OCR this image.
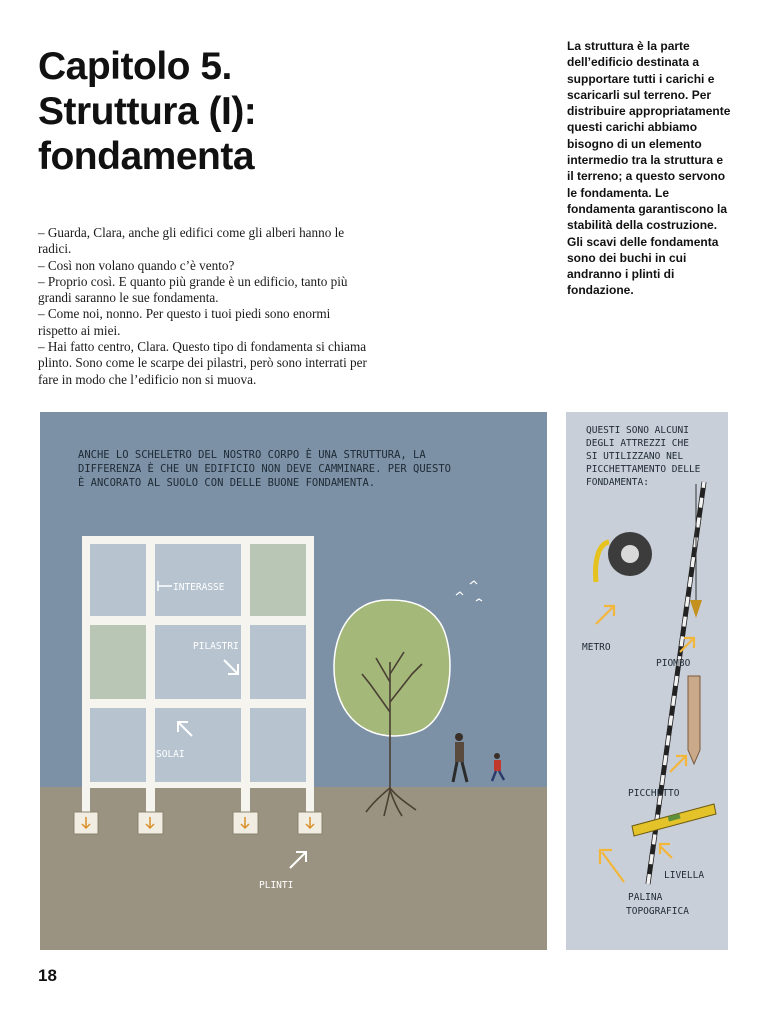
Capitolo 5.
Struttura (I):
fondamenta

– Guarda, Clara, anche gli edifici come gli alberi hanno le radici.

– Così non volano quando c’è vento?

– Proprio così. E quanto più grande è un edificio, tanto più grandi saranno le sue fondamenta.

– Come noi, nonno. Per questo i tuoi piedi sono enormi rispetto ai miei.

– Hai fatto centro, Clara. Questo tipo di fondamenta si chiama plinto. Sono come le scarpe dei pilastri, però sono interrati per fare in modo che l’edificio non si muova.

La struttura è la parte dell’edificio destinata a supportare tutti i carichi e scaricarli sul terreno. Per distribuire appropriatamente questi carichi abbiamo bisogno di un elemento intermedio tra la struttura e il terreno; a questo servono le fondamenta. Le fondamenta garantiscono la stabilità della costruzione. Gli scavi delle fondamenta sono dei buchi in cui andranno i plinti di fondazione.
ANCHE LO SCHELETRO DEL NOSTRO CORPO È UNA STRUTTURA, LA
DIFFERENZA È CHE UN EDIFICIO NON DEVE CAMMINARE. PER QUESTO
È ANCORATO AL SUOLO CON DELLE BUONE FONDAMENTA.
INTERASSE
PILASTRI
SOLAI
PLINTI
QUESTI SONO ALCUNI
DEGLI ATTREZZI CHE
SI UTILIZZANO NEL
PICCHETTAMENTO DELLE
FONDAMENTA:
METRO
PIOMBO
PICCHETTO
LIVELLA
PALINA
TOPOGRAFICA
18
